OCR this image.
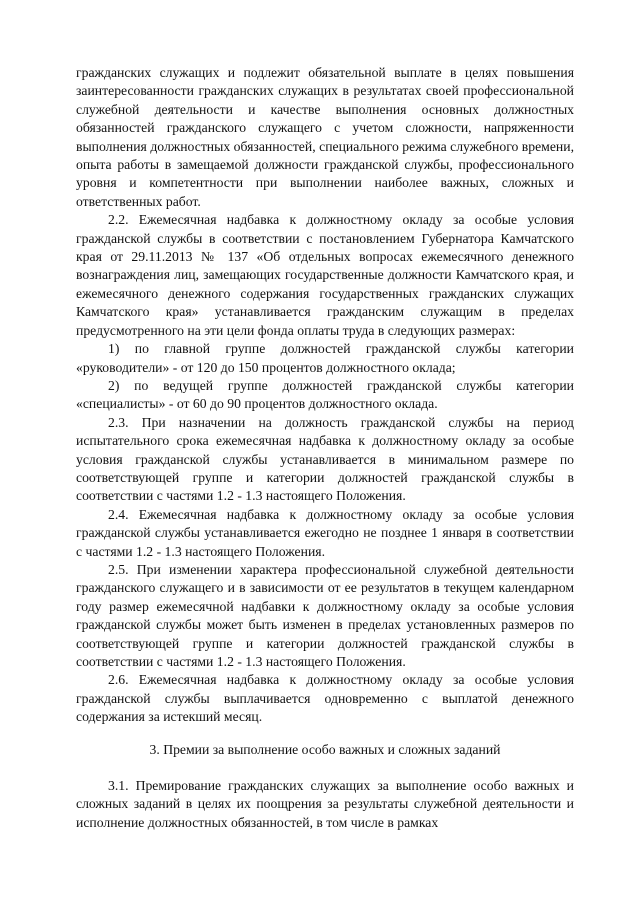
гражданских служащих и подлежит обязательной выплате в целях повышения заинтересованности гражданских служащих в результатах своей профессиональной служебной деятельности и качестве выполнения основных должностных обязанностей гражданского служащего с учетом сложности, напряженности выполнения должностных обязанностей, специального режима служебного времени, опыта работы в замещаемой должности гражданской службы, профессионального уровня и компетентности при выполнении наиболее важных, сложных и ответственных работ.

2.2. Ежемесячная надбавка к должностному окладу за особые условия гражданской службы в соответствии с постановлением Губернатора Камчатского края от 29.11.2013 № 137 «Об отдельных вопросах ежемесячного денежного вознаграждения лиц, замещающих государственные должности Камчатского края, и ежемесячного денежного содержания государственных гражданских служащих Камчатского края» устанавливается гражданским служащим в пределах предусмотренного на эти цели фонда оплаты труда в следующих размерах:

1) по главной группе должностей гражданской службы категории «руководители» - от 120 до 150 процентов должностного оклада;

2) по ведущей группе должностей гражданской службы категории «специалисты» - от 60 до 90 процентов должностного оклада.

2.3. При назначении на должность гражданской службы на период испытательного срока ежемесячная надбавка к должностному окладу за особые условия гражданской службы устанавливается в минимальном размере по соответствующей группе и категории должностей гражданской службы в соответствии с частями 1.2 - 1.3 настоящего Положения.

2.4. Ежемесячная надбавка к должностному окладу за особые условия гражданской службы устанавливается ежегодно не позднее 1 января в соответствии с частями 1.2 - 1.3 настоящего Положения.

2.5. При изменении характера профессиональной служебной деятельности гражданского служащего и в зависимости от ее результатов в текущем календарном году размер ежемесячной надбавки к должностному окладу за особые условия гражданской службы может быть изменен в пределах установленных размеров по соответствующей группе и категории должностей гражданской службы в соответствии с частями 1.2 - 1.3 настоящего Положения.

2.6. Ежемесячная надбавка к должностному окладу за особые условия гражданской службы выплачивается одновременно с выплатой денежного содержания за истекший месяц.

3. Премии за выполнение особо важных и сложных заданий

3.1. Премирование гражданских служащих за выполнение особо важных и сложных заданий в целях их поощрения за результаты служебной деятельности и исполнение должностных обязанностей, в том числе в рамках
